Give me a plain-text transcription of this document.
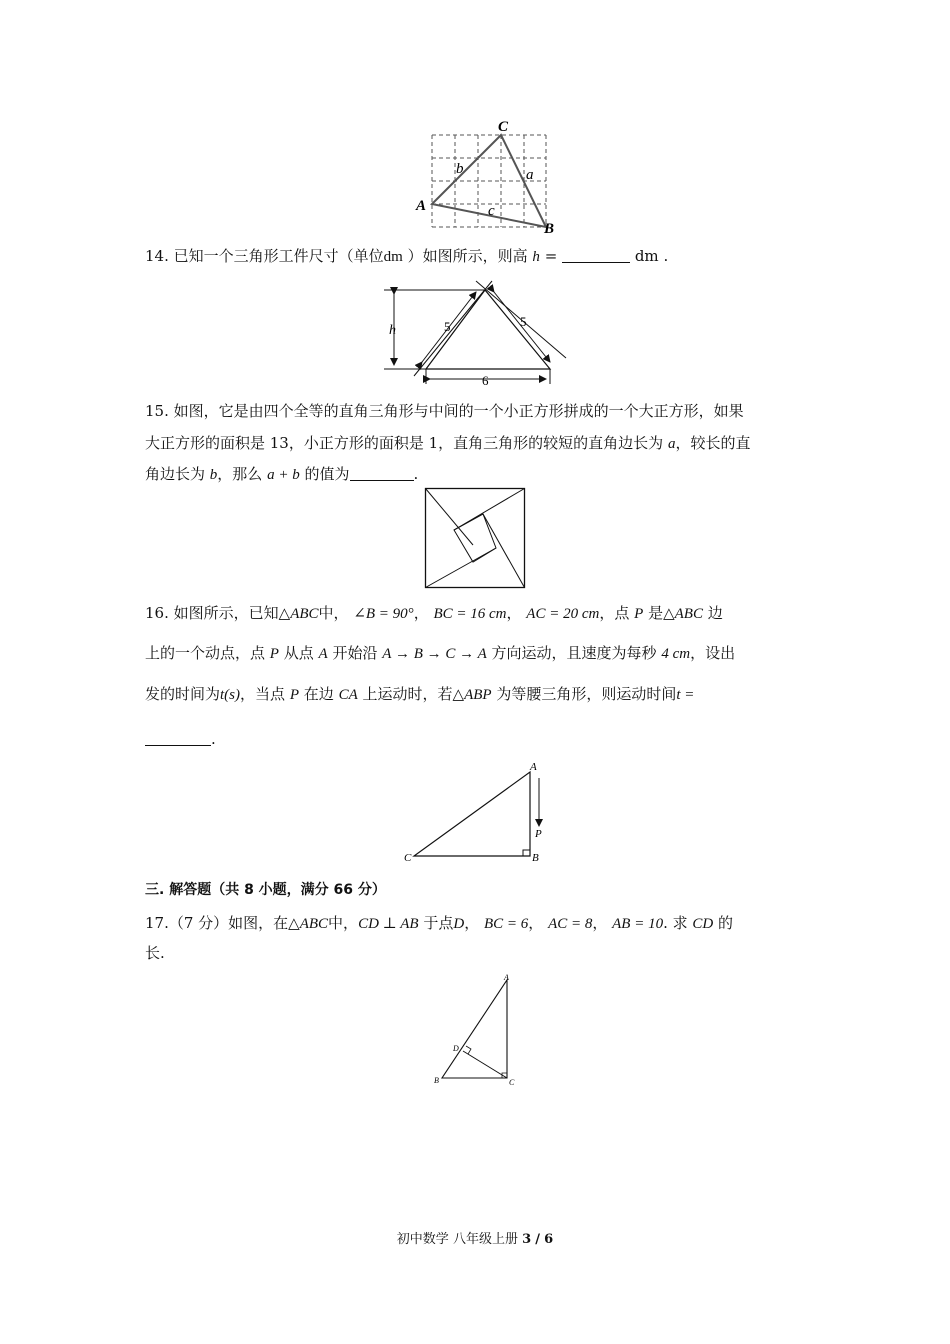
C
A
B
b	a
c
14. 已知一个三角形工件尺寸（单位dm ）如图所示，则高 h =	dm .
h	5	5
6
15. 如图，它是由四个全等的直角三角形与中间的一个小正方形拼成的一个大正方形，如果
大正方形的面积是 13，小正方形的面积是 1，直角三角形的较短的直角边长为 a，较长的直
角边长为 b，那么 a + b 的值为	.
16. 如图所示，已知△ABC中， ∠B = 90°， BC = 16 cm， AC = 20 cm，点 P 是△ABC 边
上的一个动点，点 P 从点 A 开始沿 A → B → C → A 方向运动，且速度为每秒 4 cm，设出
发的时间为t(s)，当点 P 在边 CA 上运动时，若△ABP 为等腰三角形，则运动时间t =
.
A
P
B
C
三. 解答题（共 8 小题，满分 66 分）
17.（7 分）如图，在△ABC中，CD ⊥ AB 于点D， BC = 6， AC = 8， AB = 10. 求 CD 的
长.
A
D
B	C
初中数学 八年级上册 3 / 6
